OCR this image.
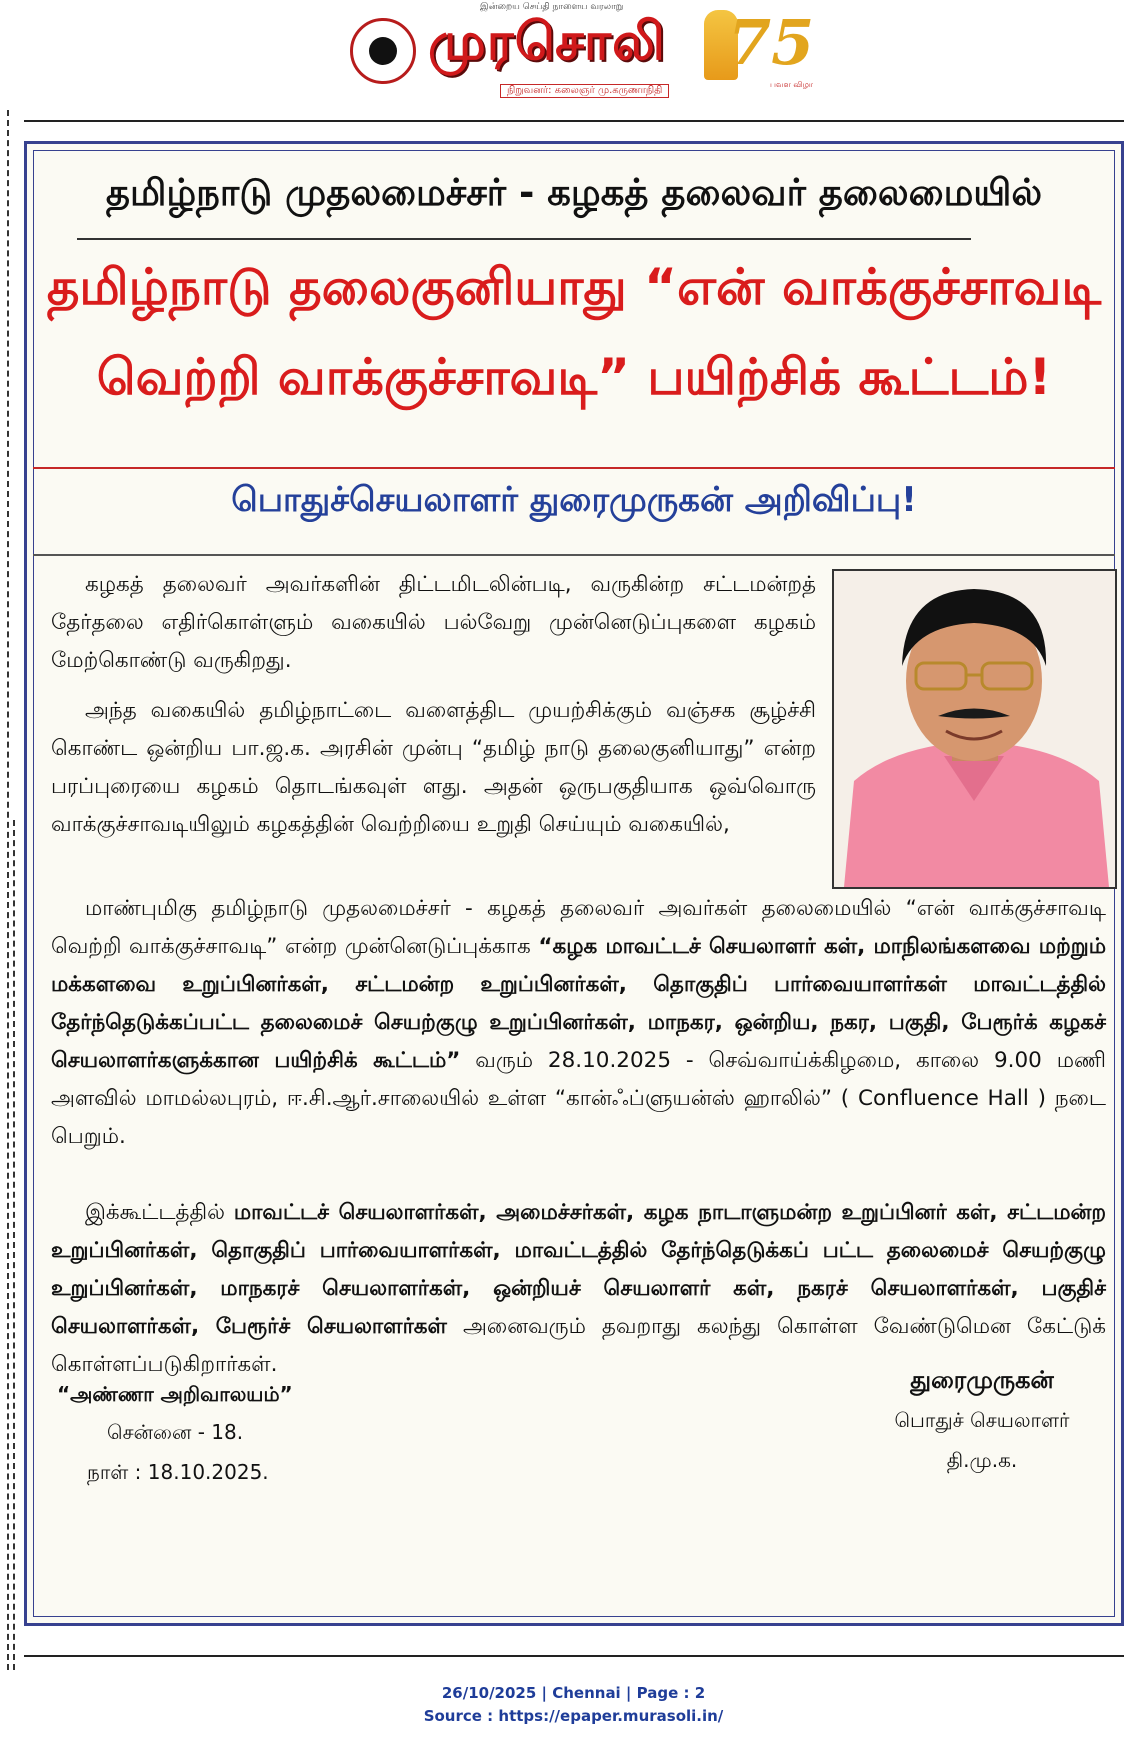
இன்றைய செய்தி நாளைய வரலாறு
முரசொலி
நிறுவனர்: கலைஞர் மு.கருணாநிதி
75
பவள விழா
தமிழ்நாடு முதலமைச்சர் - கழகத் தலைவர் தலைமையில்
தமிழ்நாடு தலைகுனியாது “என் வாக்குச்சாவடி
வெற்றி வாக்குச்சாவடி” பயிற்சிக் கூட்டம்!
பொதுச்செயலாளர் துரைமுருகன் அறிவிப்பு!

கழகத் தலைவர் அவர்களின் திட்டமிடலின்படி, வருகின்ற சட்டமன்றத் தேர்தலை எதிர்கொள்ளும் வகையில் பல்வேறு முன்னெடுப்புகளை கழகம் மேற்கொண்டு வருகிறது.

அந்த வகையில் தமிழ்நாட்டை வளைத்திட முயற்சிக்கும் வஞ்சக சூழ்ச்சி கொண்ட ஒன்றிய பா.ஜ.க. அரசின் முன்பு “தமிழ் நாடு தலைகுனியாது” என்ற பரப்புரையை கழகம் தொடங்கவுள் ளது. அதன் ஒருபகுதியாக ஒவ்வொரு வாக்குச்சாவடியிலும் கழகத்தின் வெற்றியை உறுதி செய்யும் வகையில்,

மாண்புமிகு தமிழ்நாடு முதலமைச்சர் - கழகத் தலைவர் அவர்கள் தலைமையில் “என் வாக்குச்சாவடி வெற்றி வாக்குச்சாவடி” என்ற முன்னெடுப்புக்காக “கழக மாவட்டச் செயலாளர் கள், மாநிலங்களவை மற்றும் மக்களவை உறுப்பினர்கள், சட்டமன்ற உறுப்பினர்கள், தொகுதிப் பார்வையாளர்கள் மாவட்டத்தில் தேர்ந்தெடுக்கப்பட்ட தலைமைச் செயற்குழு உறுப்பினர்கள், மாநகர, ஒன்றிய, நகர, பகுதி, பேரூர்க் கழகச் செயலாளர்களுக்கான பயிற்சிக் கூட்டம்” வரும் 28.10.2025 - செவ்வாய்க்கிழமை, காலை 9.00 மணி அளவில் மாமல்லபுரம், ஈ.சி.ஆர்.சாலையில் உள்ள “கான்ஃப்ளுயன்ஸ் ஹாலில்” ( Confluence Hall ) நடை பெறும்.

இக்கூட்டத்தில் மாவட்டச் செயலாளர்கள், அமைச்சர்கள், கழக நாடாளுமன்ற உறுப்பினர் கள், சட்டமன்ற உறுப்பினர்கள், தொகுதிப் பார்வையாளர்கள், மாவட்டத்தில் தேர்ந்தெடுக்கப் பட்ட தலைமைச் செயற்குழு உறுப்பினர்கள், மாநகரச் செயலாளர்கள், ஒன்றியச் செயலாளர் கள், நகரச் செயலாளர்கள், பகுதிச் செயலாளர்கள், பேரூர்ச் செயலாளர்கள் அனைவரும் தவறாது கலந்து கொள்ள வேண்டுமென கேட்டுக் கொள்ளப்படுகிறார்கள்.

“அண்ணா அறிவாலயம்”
சென்னை - 18.
நாள் : 18.10.2025.
துரைமுருகன்
பொதுச் செயலாளர்
தி.மு.க.
26/10/2025 | Chennai | Page : 2
Source : https://epaper.murasoli.in/
